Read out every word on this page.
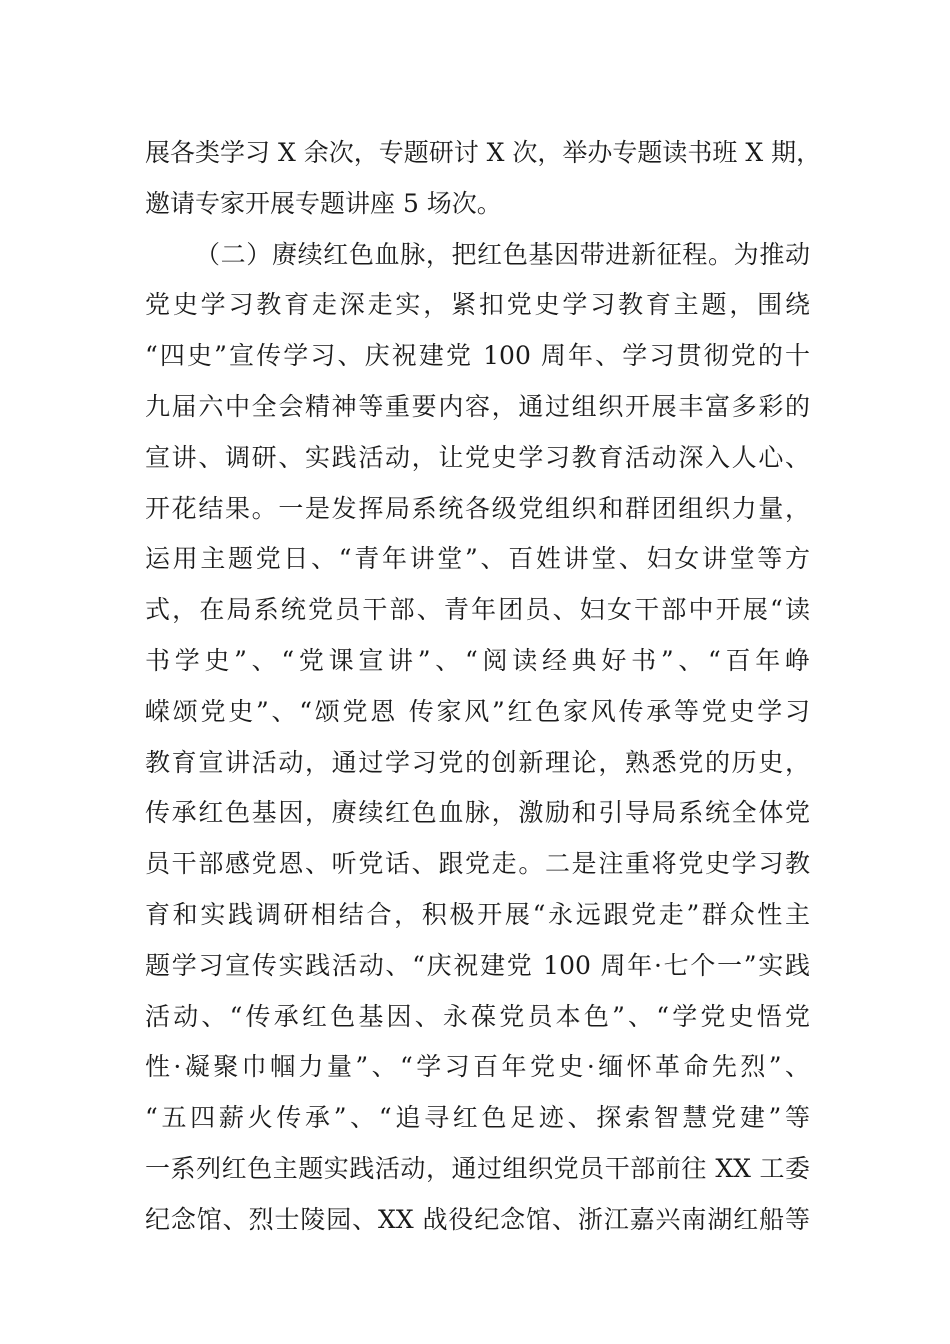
展各类学习 X 余次，专题研讨 X 次，举办专题读书班 X 期，
邀请专家开展专题讲座 5 场次。
（二）赓续红色血脉，把红色基因带进新征程。为推动
党史学习教育走深走实，紧扣党史学习教育主题，围绕
“四史”宣传学习、庆祝建党 100 周年、学习贯彻党的十
九届六中全会精神等重要内容，通过组织开展丰富多彩的
宣讲、调研、实践活动，让党史学习教育活动深入人心、
开花结果。一是发挥局系统各级党组织和群团组织力量，
运用主题党日、“青年讲堂”、百姓讲堂、妇女讲堂等方
式，在局系统党员干部、青年团员、妇女干部中开展“读
书学史”、“党课宣讲”、“阅读经典好书”、“百年峥
嵘颂党史”、“颂党恩 传家风”红色家风传承等党史学习
教育宣讲活动，通过学习党的创新理论，熟悉党的历史，
传承红色基因，赓续红色血脉，激励和引导局系统全体党
员干部感党恩、听党话、跟党走。二是注重将党史学习教
育和实践调研相结合，积极开展“永远跟党走”群众性主
题学习宣传实践活动、“庆祝建党 100 周年·七个一”实践
活动、“传承红色基因、永葆党员本色”、“学党史悟党
性·凝聚巾帼力量”、“学习百年党史·缅怀革命先烈”、
“五四薪火传承”、“追寻红色足迹、探索智慧党建”等
一系列红色主题实践活动，通过组织党员干部前往 XX 工委
纪念馆、烈士陵园、XX 战役纪念馆、浙江嘉兴南湖红船等
